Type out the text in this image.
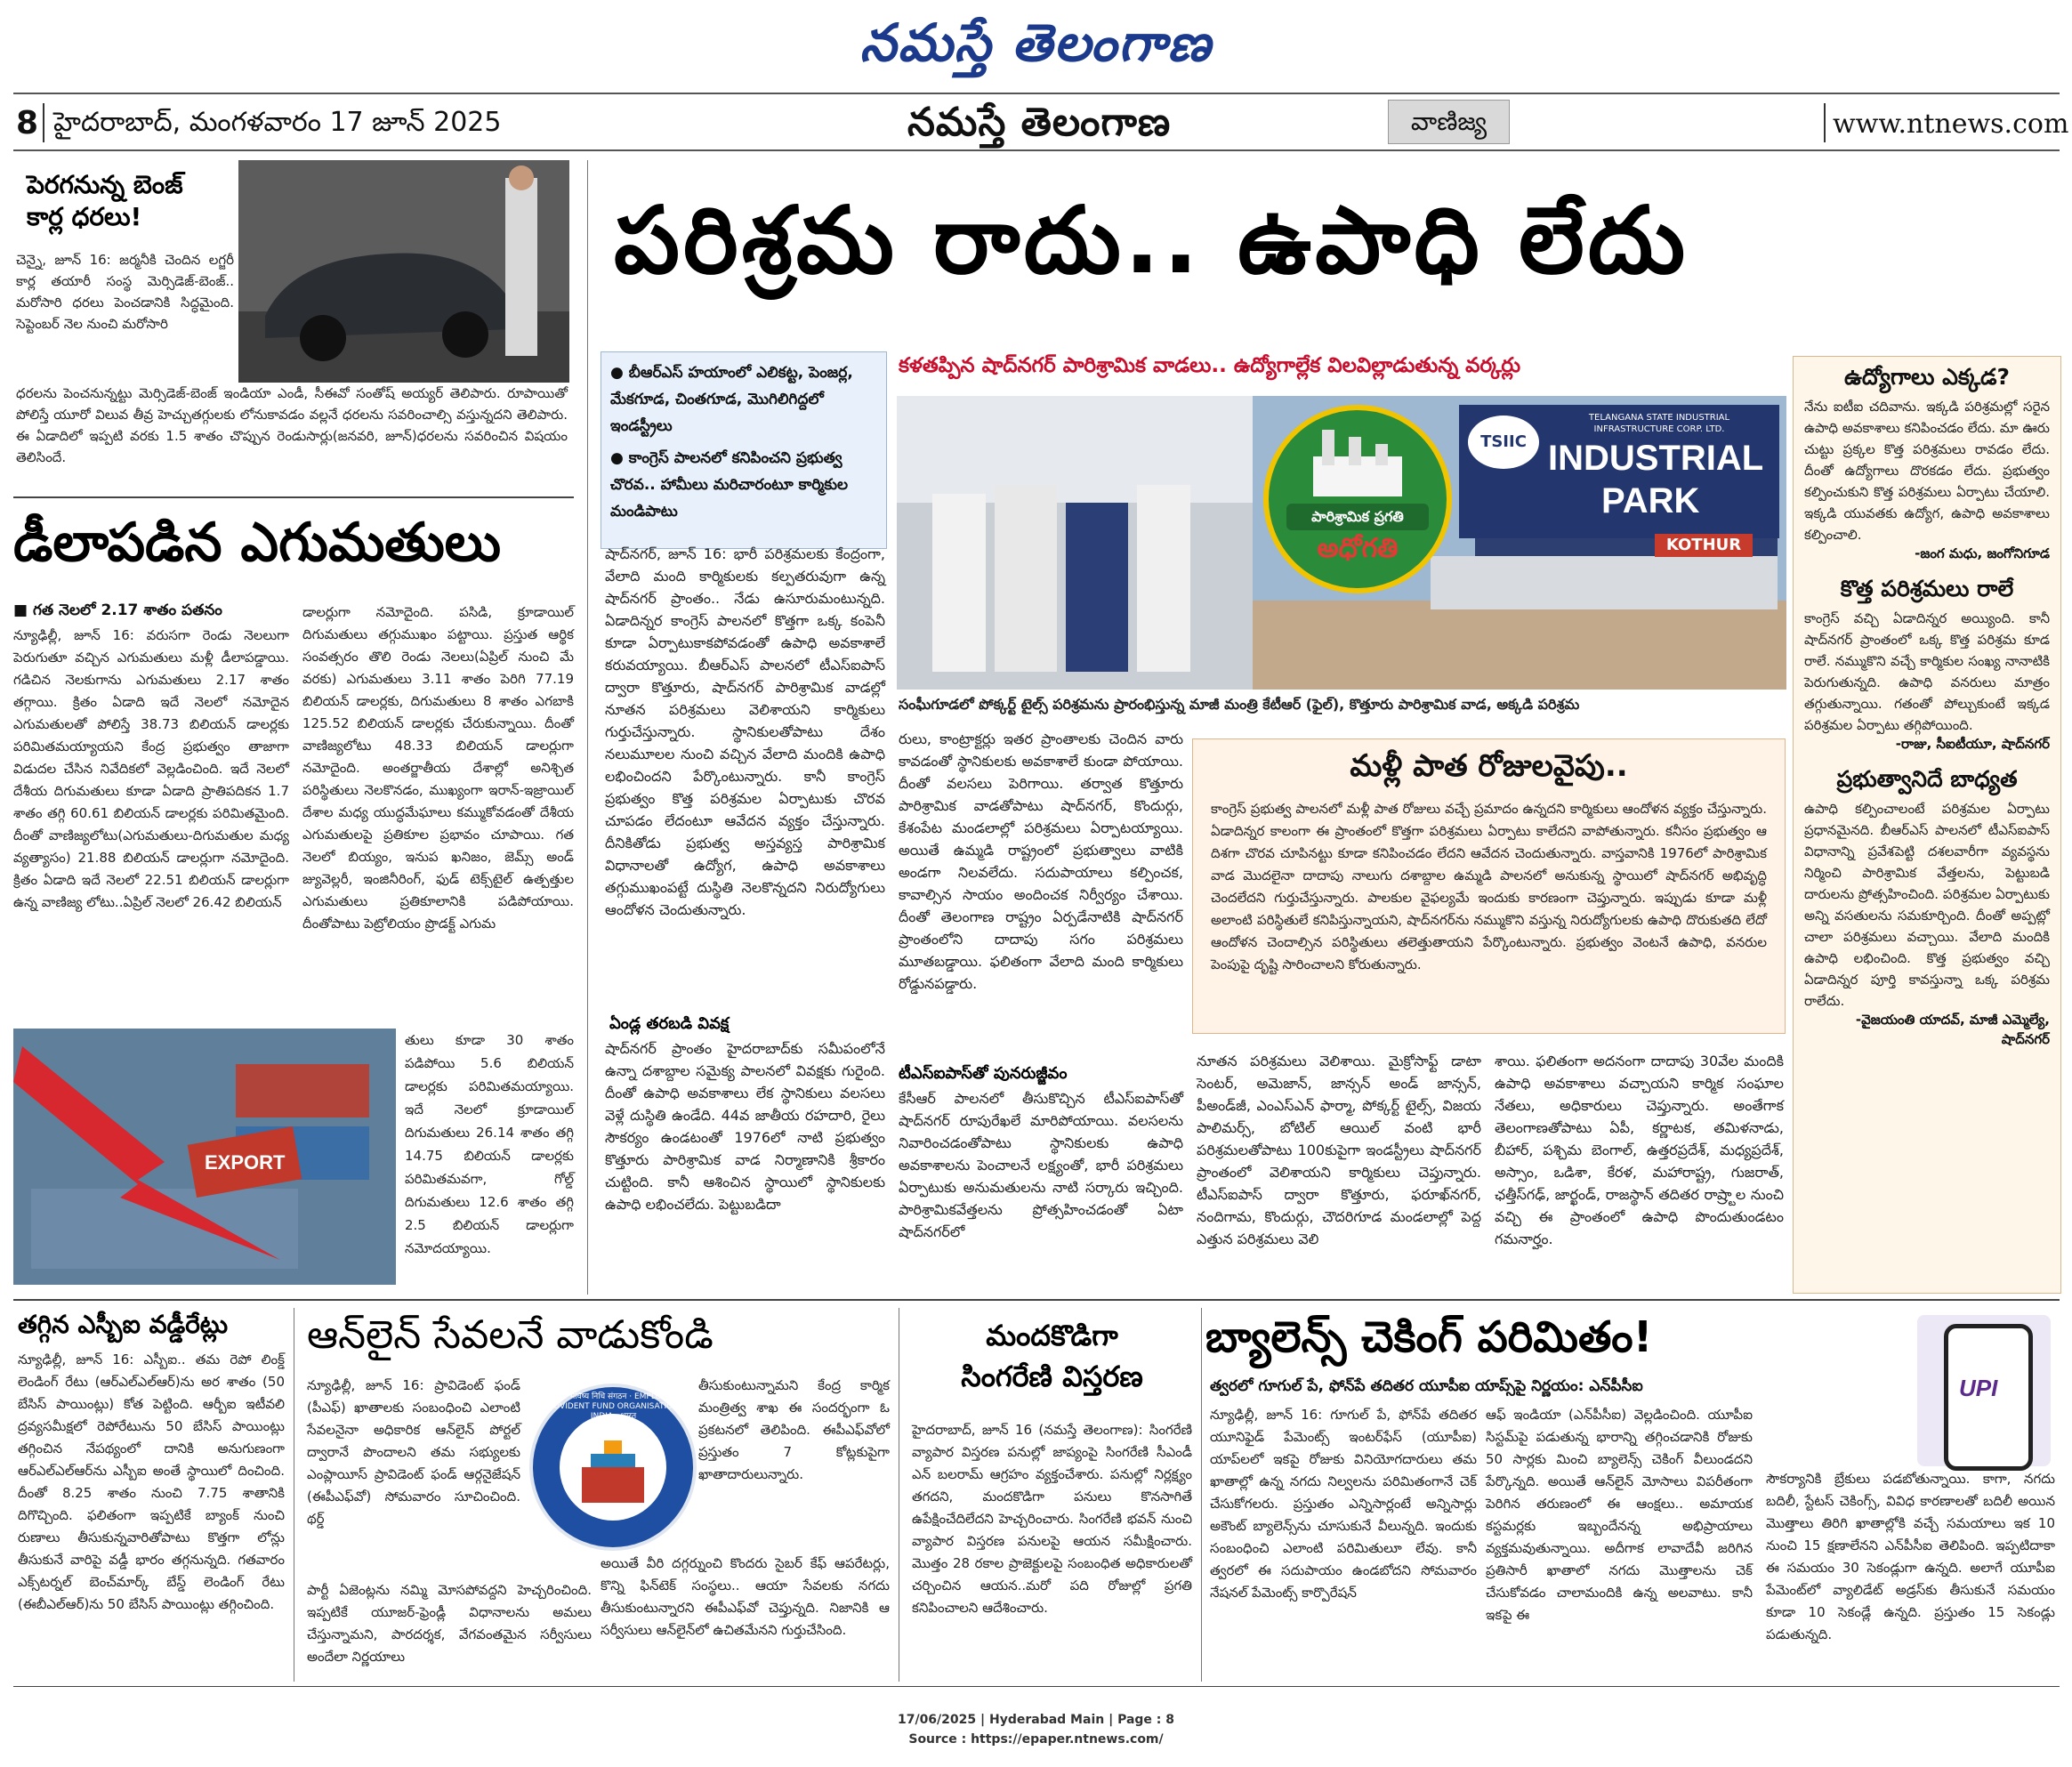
నమస్తే తెలంగాణ
8 హైదరాబాద్, మంగళవారం 17 జూన్ 2025	నమస్తే తెలంగాణ	వాణిజ్య	www.ntnews.com
పెరగనున్న బెంజ్ కార్ల ధరలు!
చెన్నై, జూన్ 16: జర్మనీకి చెందిన లగ్జరీ కార్ల తయారీ సంస్థ మెర్సిడెజ్-బెంజ్.. మరోసారి ధరలు పెంచడానికి సిద్ధమైంది. సెప్టెంబర్ నెల నుంచి మరోసారి
ధరలను పెంచనున్నట్టు మెర్సిడెజ్-బెంజ్ ఇండియా ఎండీ, సీఈవో సంతోష్ అయ్యర్ తెలిపారు. రూపాయితో పోలిస్తే యూరో విలువ తీవ్ర హెచ్చుతగ్గులకు లోనుకావడం వల్లనే ధరలను సవరించాల్సి వస్తున్నదని తెలిపారు. ఈ ఏడాదిలో ఇప్పటి వరకు 1.5 శాతం చొప్పున రెండుసార్లు(జనవరి, జూన్)ధరలను సవరించిన విషయం తెలిసిందే.
డీలాపడిన ఎగుమతులు
■ గత నెలలో 2.17 శాతం పతనం
న్యూఢిల్లీ, జూన్ 16: వరుసగా రెండు నెలలుగా పెరుగుతూ వచ్చిన ఎగుమతులు మళ్లీ డీలాపడ్డాయి. గడిచిన నెలకుగాను ఎగుమతులు 2.17 శాతం తగ్గాయి. క్రితం ఏడాది ఇదే నెలలో నమోదైన ఎగుమతులతో పోలిస్తే 38.73 బిలియన్ డాలర్లకు పరిమితమయ్యాయని కేంద్ర ప్రభుత్వం తాజాగా విడుదల చేసిన నివేదికలో వెల్లడించింది. ఇదే నెలలో దేశీయ దిగుమతులు కూడా ఏడాది ప్రాతిపదికన 1.7 శాతం తగ్గి 60.61 బిలియన్ డాలర్లకు పరిమితమైంది. దీంతో వాణిజ్యలోటు(ఎగుమతులు-దిగుమతుల మధ్య వ్యత్యాసం) 21.88 బిలియన్ డాలర్లుగా నమోదైంది. క్రితం ఏడాది ఇదే నెలలో 22.51 బిలియన్ డాలర్లుగా ఉన్న వాణిజ్య లోటు..ఏప్రిల్ నెలలో 26.42 బిలియన్
డాలర్లుగా నమోదైంది. పసిడి, క్రూడాయిల్ దిగుమతులు తగ్గుముఖం పట్టాయి. ప్రస్తుత ఆర్థిక సంవత్సరం తొలి రెండు నెలలు(ఏప్రిల్ నుంచి మే వరకు) ఎగుమతులు 3.11 శాతం పెరిగి 77.19 బిలియన్ డాలర్లకు, దిగుమతులు 8 శాతం ఎగబాకి 125.52 బిలియన్ డాలర్లకు చేరుకున్నాయి. దీంతో వాణిజ్యలోటు 48.33 బిలియన్ డాలర్లుగా నమోదైంది. అంతర్జాతీయ దేశాల్లో అనిశ్చిత పరిస్థితులు నెలకొనడం, ముఖ్యంగా ఇరాన్-ఇజ్రాయిల్ దేశాల మధ్య యుద్ధమేఘాలు కమ్ముకోవడంతో దేశీయ ఎగుమతులపై ప్రతికూల ప్రభావం చూపాయి. గత నెలలో బియ్యం, ఇనుప ఖనిజం, జెమ్స్ అండ్ జ్యువెల్లరీ, ఇంజినీరింగ్, ఫుడ్ టెక్స్‌టైల్ ఉత్పత్తుల ఎగుమతులు ప్రతికూలానికి పడిపోయాయి. దీంతోపాటు పెట్రోలియం ప్రొడక్ట్ ఎగుమ
EXPORT
తులు కూడా 30 శాతం పడిపోయి 5.6 బిలియన్ డాలర్లకు పరిమితమయ్యాయి. ఇదే నెలలో క్రూడాయిల్ దిగుమతులు 26.14 శాతం తగ్గి 14.75 బిలియన్ డాలర్లకు పరిమితమవగా, గోల్డ్ దిగుమతులు 12.6 శాతం తగ్గి 2.5 బిలియన్ డాలర్లుగా నమోదయ్యాయి.
పరిశ్రమ రాదు.. ఉపాధి లేదు
● బీఆర్ఎస్ హయాంలో ఎలికట్ట, పెంజర్ల, మేకగూడ, చింతగూడ, మొగిలిగిద్దలో ఇండస్ట్రీలు
● కాంగ్రెస్ పాలనలో కనిపించని ప్రభుత్వ చొరవ.. హామీలు మరిచారంటూ కార్మికుల మండిపాటు
కళతప్పిన షాద్‌నగర్ పారిశ్రామిక వాడలు.. ఉద్యోగాల్లేక విలవిల్లాడుతున్న వర్కర్లు
పారిశ్రామిక ప్రగతి
అధోగతి
TSIIC
TELANGANA STATE INDUSTRIAL INFRASTRUCTURE CORP. LTD.
INDUSTRIAL
PARK
KOTHUR
సంఘీగూడలో పోక్కర్ట్ టైల్స్ పరిశ్రమను ప్రారంభిస్తున్న మాజీ మంత్రి కేటీఆర్ (ఫైల్), కొత్తూరు పారిశ్రామిక వాడ, అక్కడి పరిశ్రమ
షాద్‌నగర్, జూన్ 16: భారీ పరిశ్రమలకు కేంద్రంగా, వేలాది మంది కార్మికులకు కల్పతరువుగా ఉన్న షాద్‌నగర్ ప్రాంతం.. నేడు ఉసూరుమంటున్నది. ఏడాదిన్నర కాంగ్రెస్ పాలనలో కొత్తగా ఒక్క కంపెనీ కూడా ఏర్పాటుకాకపోవడంతో ఉపాధి అవకాశాలే కరువయ్యాయి. బీఆర్ఎస్ పాలనలో టీఎస్ఐపాస్ ద్వారా కొత్తూరు, షాద్‌నగర్ పారిశ్రామిక వాడల్లో నూతన పరిశ్రమలు వెలిశాయని కార్మికులు గుర్తుచేస్తున్నారు. స్థానికులతోపాటు దేశం నలుమూలల నుంచి వచ్చిన వేలాది మందికి ఉపాధి లభించిందని పేర్కొంటున్నారు. కానీ కాంగ్రెస్ ప్రభుత్వం కొత్త పరిశ్రమల ఏర్పాటుకు చొరవ చూపడం లేదంటూ ఆవేదన వ్యక్తం చేస్తున్నారు. దీనికితోడు ప్రభుత్వ అస్తవ్యస్త పారిశ్రామిక విధానాలతో ఉద్యోగ, ఉపాధి అవకాశాలు తగ్గుముఖంపట్టే దుస్థితి నెలకొన్నదని నిరుద్యోగులు ఆందోళన చెందుతున్నారు.
ఏండ్ల తరబడి వివక్ష
షాద్‌నగర్ ప్రాంతం హైదరాబాద్‌కు సమీపంలోనే ఉన్నా దశాబ్దాల సమైక్య పాలనలో వివక్షకు గురైంది. దీంతో ఉపాధి అవకాశాలు లేక స్థానికులు వలసలు వెళ్లే దుస్థితి ఉండేది. 44వ జాతీయ రహదారి, రైలు సౌకర్యం ఉండటంతో 1976లో నాటి ప్రభుత్వం కొత్తూరు పారిశ్రామిక వాడ నిర్మాణానికి శ్రీకారం చుట్టింది. కానీ ఆశించిన స్థాయిలో స్థానికులకు ఉపాధి లభించలేదు. పెట్టుబడిదా
రులు, కాంట్రాక్టర్లు ఇతర ప్రాంతాలకు చెందిన వారు కావడంతో స్థానికులకు అవకాశాలే కుండా పోయాయి. దీంతో వలసలు పెరిగాయి. తర్వాత కొత్తూరు పారిశ్రామిక వాడతోపాటు షాద్‌నగర్, కొందుర్గు, కేశంపేట మండలాల్లో పరిశ్రమలు ఏర్పాటయ్యాయి. అయితే ఉమ్మడి రాష్ట్రంలో ప్రభుత్వాలు వాటికి అండగా నిలవలేదు. సదుపాయాలు కల్పించక, కావాల్సిన సాయం అందించక నిర్వీర్యం చేశాయి. దీంతో తెలంగాణ రాష్ట్రం ఏర్పడేనాటికి షాద్‌నగర్ ప్రాంతంలోని దాదాపు సగం పరిశ్రమలు మూతబడ్డాయి. ఫలితంగా వేలాది మంది కార్మికులు రోడ్డునపడ్డారు.
టీఎస్ఐపాస్‌తో పునరుజ్జీవం
కేసీఆర్ పాలనలో తీసుకొచ్చిన టీఎస్ఐపాస్‌తో షాద్‌నగర్ రూపురేఖలే మారిపోయాయి. వలసలను నివారించడంతోపాటు స్థానికులకు ఉపాధి అవకాశాలను పెంచాలనే లక్ష్యంతో, భారీ పరిశ్రమలు ఏర్పాటుకు అనుమతులను నాటి సర్కారు ఇచ్చింది. పారిశ్రామికవేత్తలను ప్రోత్సహించడంతో ఏటా షాద్‌నగర్‌లో
మళ్లీ పాత రోజులవైపు..
కాంగ్రెస్ ప్రభుత్వ పాలనలో మళ్లీ పాత రోజులు వచ్చే ప్రమాదం ఉన్నదని కార్మికులు ఆందోళన వ్యక్తం చేస్తున్నారు. ఏడాదిన్నర కాలంగా ఈ ప్రాంతంలో కొత్తగా పరిశ్రమలు ఏర్పాటు కాలేదని వాపోతున్నారు. కనీసం ప్రభుత్వం ఆ దిశగా చొరవ చూపినట్టు కూడా కనిపించడం లేదని ఆవేదన చెందుతున్నారు. వాస్తవానికి 1976లో పారిశ్రామిక వాడ మొదలైనా దాదాపు నాలుగు దశాబ్దాల ఉమ్మడి పాలనలో అనుకున్న స్థాయిలో షాద్‌నగర్ అభివృద్ధి చెందలేదని గుర్తుచేస్తున్నారు. పాలకుల వైఫల్యమే ఇందుకు కారణంగా చెప్తున్నారు. ఇప్పుడు కూడా మళ్లీ అలాంటి పరిస్థితులే కనిపిస్తున్నాయని, షాద్‌నగర్‌ను నమ్ముకొని వస్తున్న నిరుద్యోగులకు ఉపాధి దొరుకుతది లేదో ఆందోళన చెందాల్సిన పరిస్థితులు తలెత్తుతాయని పేర్కొంటున్నారు. ప్రభుత్వం వెంటనే ఉపాధి, వనరుల పెంపుపై దృష్టి సారించాలని కోరుతున్నారు.
నూతన పరిశ్రమలు వెలిశాయి. మైక్రోసాఫ్ట్ డాటా సెంటర్, అమెజాన్, జాన్సన్ అండ్ జాన్సన్, పీఅండ్‌జీ, ఎంఎస్ఎన్ ఫార్మా, పోక్కర్ట్ టైల్స్, విజయ పాలిమర్స్, బోటిల్ ఆయిల్ వంటి భారీ పరిశ్రమలతోపాటు 100కుపైగా ఇండస్ట్రీలు షాద్‌నగర్ ప్రాంతంలో వెలిశాయని కార్మికులు చెప్తున్నారు. టీఎస్ఐపాస్ ద్వారా కొత్తూరు, ఫరూఖ్‌నగర్, నందిగామ, కొందుర్గు, చౌదరిగూడ మండలాల్లో పెద్ద ఎత్తున పరిశ్రమలు వెలి
శాయి. ఫలితంగా అదనంగా దాదాపు 30వేల మందికి ఉపాధి అవకాశాలు వచ్చాయని కార్మిక సంఘాల నేతలు, అధికారులు చెప్తున్నారు. అంతేగాక తెలంగాణతోపాటు ఏపీ, కర్ణాటక, తమిళనాడు, బీహార్, పశ్చిమ బెంగాల్, ఉత్తరప్రదేశ్, మధ్యప్రదేశ్, అస్సాం, ఒడిశా, కేరళ, మహారాష్ట్ర, గుజరాత్, ఛత్తీస్‌గఢ్, జార్ఖండ్, రాజస్థాన్ తదితర రాష్ర్టాల నుంచి వచ్చి ఈ ప్రాంతంలో ఉపాధి పొందుతుండటం గమనార్హం.
ఉద్యోగాలు ఎక్కడ?
నేను ఐటీఐ చదివాను. ఇక్కడి పరిశ్రమల్లో సరైన ఉపాధి అవకాశాలు కనిపించడం లేదు. మా ఊరు చుట్టు ప్రక్కల కొత్త పరిశ్రమలు రావడం లేదు. దీంతో ఉద్యోగాలు దొరకడం లేదు. ప్రభుత్వం కల్పించుకుని కొత్త పరిశ్రమలు ఏర్పాటు చేయాలి. ఇక్కడి యువతకు ఉద్యోగ, ఉపాధి అవకాశాలు కల్పించాలి.
-జంగ మధు, జంగోనిగూడ
కొత్త పరిశ్రమలు రాలే
కాంగ్రెస్ వచ్చి ఏడాదిన్నర అయ్యింది. కానీ షాద్‌నగర్ ప్రాంతంలో ఒక్క కొత్త పరిశ్రమ కూడ రాలే. నమ్ముకొని వచ్చే కార్మికుల సంఖ్య నానాటికి పెరుగుతున్నది. ఉపాధి వనరులు మాత్రం తగ్గుతున్నాయి. గతంతో పోల్చుకుంటే ఇక్కడ పరిశ్రమల ఏర్పాటు తగ్గిపోయింది.
-రాజు, సీఐటీయూ, షాద్‌నగర్
ప్రభుత్వానిదే బాధ్యత
ఉపాధి కల్పించాలంటే పరిశ్రమల ఏర్పాటు ప్రధానమైనది. బీఆర్ఎస్ పాలనలో టీఎస్ఐపాస్ విధానాన్ని ప్రవేశపెట్టి దశలవారీగా వ్యవస్థను నిర్మించి పారిశ్రామిక వేత్తలను, పెట్టుబడి దారులను ప్రోత్సహించింది. పరిశ్రమల ఏర్పాటుకు అన్ని వసతులను సమకూర్చింది. దీంతో అప్పట్లో చాలా పరిశ్రమలు వచ్చాయి. వేలాది మందికి ఉపాధి లభించింది. కొత్త ప్రభుత్వం వచ్చి ఏడాదిన్నర పూర్తి కావస్తున్నా ఒక్క పరిశ్రమ రాలేదు.
-వైజయంతి యాదవ్, మాజీ ఎమ్మెల్యే, షాద్‌నగర్
తగ్గిన ఎస్బీఐ వడ్డీరేట్లు
న్యూఢిల్లీ, జూన్ 16: ఎస్బీఐ.. తమ రెపో లింక్డ్ లెండింగ్ రేటు (ఆర్ఎల్ఎల్ఆర్)ను అర శాతం (50 బేసిస్ పాయింట్లు) కోత పెట్టింది. ఆర్బీఐ ఇటీవలి ద్రవ్యసమీక్షలో రెపోరేటును 50 బేసిస్ పాయింట్లు తగ్గించిన నేపథ్యంలో దానికి అనుగుణంగా ఆర్ఎల్ఎల్ఆర్‌ను ఎస్బీఐ అంతే స్థాయిలో దించింది. దీంతో 8.25 శాతం నుంచి 7.75 శాతానికి దిగొచ్చింది. ఫలితంగా ఇప్పటికే బ్యాంక్ నుంచి రుణాలు తీసుకున్నవారితోపాటు కొత్తగా లోన్లు తీసుకునే వారిపై వడ్డీ భారం తగ్గనున్నది. గతవారం ఎక్స్‌టర్నల్ బెంచ్‌మార్క్ బేస్డ్ లెండింగ్ రేటు (ఈబీఎల్ఆర్)ను 50 బేసిస్ పాయింట్లు తగ్గించింది.
ఆన్‌లైన్ సేవలనే వాడుకోండి
న్యూఢిల్లీ, జూన్ 16: ప్రావిడెంట్ ఫండ్ (పీఎఫ్) ఖాతాలకు సంబంధించి ఎలాంటి సేవలనైనా అధికారిక ఆన్‌లైన్ పోర్టల్ ద్వారానే పొందాలని తమ సభ్యులకు ఎంప్లాయీస్ ప్రావిడెంట్ ఫండ్ ఆర్గనైజేషన్ (ఈపీఎఫ్‌వో) సోమవారం సూచించింది. థర్డ్
పార్టీ ఏజెంట్లను నమ్మి మోసపోవద్దని హెచ్చరించింది. ఇప్పటికే యూజర్-ఫ్రెండ్లీ విధానాలను అమలు చేస్తున్నామని, పారదర్శక, వేగవంతమైన సర్వీసులు అందేలా నిర్ణయాలు
कर्मचारी भविष्य निधि संगठन · EMPLOYEES' PROVIDENT FUND ORGANISATION · INDIA · भारत
తీసుకుంటున్నామని కేంద్ర కార్మిక మంత్రిత్వ శాఖ ఈ సందర్భంగా ఓ ప్రకటనలో తెలిపింది. ఈపీఎఫ్‌వోలో ప్రస్తుతం 7 కోట్లకుపైగా ఖాతాదారులున్నారు.
అయితే వీరి దగ్గర్నుంచి కొందరు సైబర్ కేఫ్ ఆపరేటర్లు, కొన్ని ఫిన్‌టెక్ సంస్థలు.. ఆయా సేవలకు నగదు తీసుకుంటున్నారని ఈపీఎఫ్‌వో చెప్తున్నది. నిజానికి ఆ సర్వీసులు ఆన్‌లైన్‌లో ఉచితమేనని గుర్తుచేసింది.
మందకొడిగా
సింగరేణి విస్తరణ
హైదరాబాద్, జూన్ 16 (నమస్తే తెలంగాణ): సింగరేణి వ్యాపార విస్తరణ పనుల్లో జాప్యంపై సింగరేణి సీఎండీ ఎన్ బలరామ్ ఆగ్రహం వ్యక్తంచేశారు. పనుల్లో నిర్లక్ష్యం తగదని, మందకొడిగా పనులు కొనసాగితే ఉపేక్షించేదిలేదని హెచ్చరించారు. సింగరేణి భవన్ నుంచి వ్యాపార విస్తరణ పనులపై ఆయన సమీక్షించారు. మొత్తం 28 రకాల ప్రాజెక్టులపై సంబంధిత అధికారులతో చర్చించిన ఆయన..మరో పది రోజుల్లో ప్రగతి కనిపించాలని ఆదేశించారు.
బ్యాలెన్స్ చెకింగ్ పరిమితం!
త్వరలో గూగుల్ పే, ఫోన్‌పే తదితర యూపీఐ యాప్స్‌పై నిర్ణయం: ఎన్‌పీసీఐ
న్యూఢిల్లీ, జూన్ 16: గూగుల్ పే, ఫోన్‌పే తదితర యూనిఫైడ్ పేమెంట్స్ ఇంటర్‌ఫేస్ (యూపీఐ) యాప్‌లలో ఇకపై రోజుకు వినియోగదారులు తమ ఖాతాల్లో ఉన్న నగదు నిల్వలను పరిమితంగానే చెక్ చేసుకోగలరు. ప్రస్తుతం ఎన్నిసార్లంటే అన్నిసార్లు అకౌంట్ బ్యాలెన్స్‌ను చూసుకునే వీలున్నది. ఇందుకు సంబంధించి ఎలాంటి పరిమితులూ లేవు. కానీ త్వరలో ఈ సదుపాయం ఉండబోదని సోమవారం నేషనల్ పేమెంట్స్ కార్పొరేషన్
ఆఫ్ ఇండియా (ఎన్‌పీసీఐ) వెల్లడించింది. యూపీఐ సిస్టమ్‌పై పడుతున్న భారాన్ని తగ్గించడానికి రోజుకు 50 సార్లకు మించి బ్యాలెన్స్ చెకింగ్ వీలుండదని పేర్కొన్నది. అయితే ఆన్‌లైన్ మోసాలు విపరీతంగా పెరిగిన తరుణంలో ఈ ఆంక్షలు.. అమాయక కస్టమర్లకు ఇబ్బందేనన్న అభిప్రాయాలు వ్యక్తమవుతున్నాయి. అదీగాక లావాదేవీ జరిగిన ప్రతిసారీ ఖాతాలో నగదు మొత్తాలను చెక్ చేసుకోవడం చాలామందికి ఉన్న అలవాటు. కానీ ఇకపై ఈ
సౌకర్యానికి బ్రేకులు పడబోతున్నాయి. కాగా, నగదు బదిలీ, స్టేటస్ చెకింగ్స్, వివిధ కారణాలతో బదిలీ అయిన మొత్తాలు తిరిగి ఖాతాల్లోకి వచ్చే సమయాలు ఇక 10 నుంచి 15 క్షణాలేనని ఎన్‌పీసీఐ తెలిపింది. ఇప్పటిదాకా ఈ సమయం 30 సెకండ్లుగా ఉన్నది. అలాగే యూపీఐ పేమెంట్‌లో వ్యాలిడేట్ అడ్రస్‌కు తీసుకునే సమయం కూడా 10 సెకండ్లే ఉన్నది. ప్రస్తుతం 15 సెకండ్లు పడుతున్నది.
UPI
17/06/2025 | Hyderabad Main | Page : 8
Source : https://epaper.ntnews.com/
